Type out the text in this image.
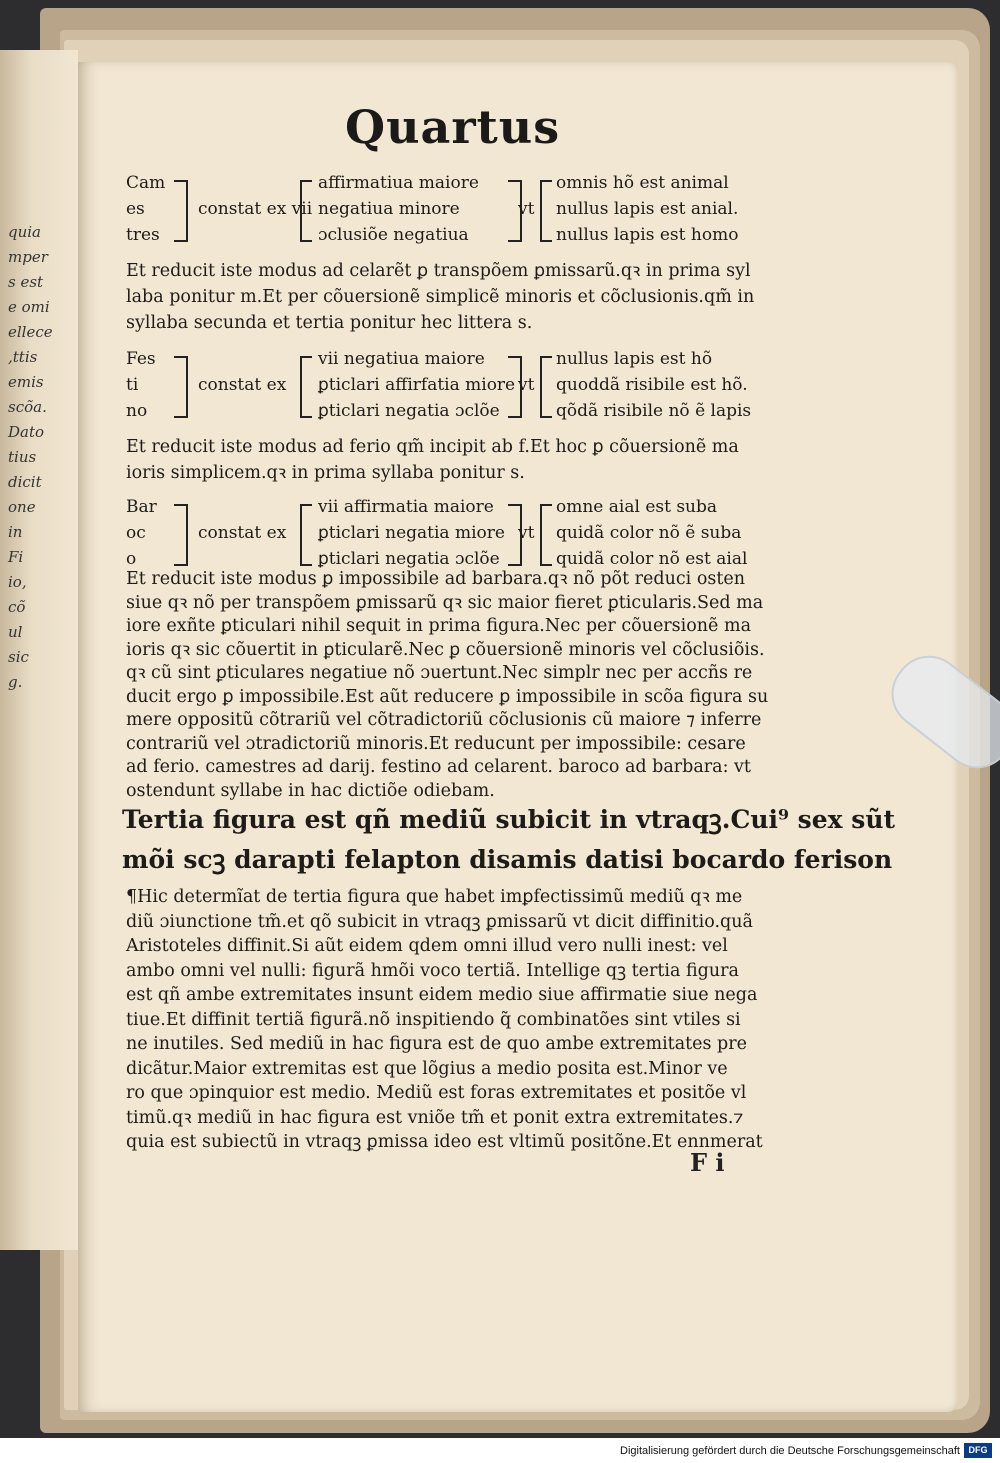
quia
mper
s est
e omi
ellece
,ttis
emis
scõa.
Dato
tius
dicit
one
in
Fi
io,
cõ
ul
sic
g.
Quartus
Cam
es
tres
constat ex vii
affirmatiua maiore
negatiua minore
ɔclusiõe negatiua
vt
omnis hõ est animal
nullus lapis est anial.
nullus lapis est homo
Et reducit iste modus ad celarẽt ꝑ transpõem ꝑmissarũ.qꝛ in prima syl
laba ponitur m.Et per cõuersionẽ simplicẽ minoris et cõclusionis.qm̃ in
syllaba secunda et tertia ponitur hec littera s.
Fes
ti
no
constat ex
vii negatiua maiore
ꝑticlari affirfatia miore
ꝑticlari negatia ɔclõe
vt
nullus lapis est hõ
quoddã risibile est hõ.
qõdã risibile nõ ẽ lapis
Et reducit iste modus ad ferio qm̃ incipit ab f.Et hoc ꝑ cõuersionẽ ma
ioris simplicem.qꝛ in prima syllaba ponitur s.
Bar
oc
o
constat ex
vii affirmatia maiore
ꝑticlari negatia miore
ꝑticlari negatia ɔclõe
vt
omne aial est suba
quidã color nõ ẽ suba
quidã color nõ est aial
Et reducit iste modus ꝑ impossibile ad barbara.qꝛ nõ põt reduci osten
siue qꝛ nõ per transpõem ꝑmissarũ qꝛ sic maior fieret ꝑticularis.Sed ma
iore exñte ꝑticulari nihil sequit in prima figura.Nec per cõuersionẽ ma
ioris qꝛ sic cõuertit in ꝑticularẽ.Nec ꝑ cõuersionẽ minoris vel cõclusiõis.
qꝛ cũ sint ꝑticulares negatiue nõ ɔuertunt.Nec simplr nec per accñs re
ducit ergo ꝑ impossibile.Est aũt reducere ꝑ impossibile in scõa figura su
mere oppositũ cõtrariũ vel cõtradictoriũ cõclusionis cũ maiore ⁊ inferre
contrariũ vel ɔtradictoriũ minoris.Et reducunt per impossibile: cesare
ad ferio. camestres ad darij. festino ad celarent. baroco ad barbara: vt
ostendunt syllabe in hac dictiõe odiebam.
Tertia figura est qñ mediũ subicit in vtraqꝫ.Cui⁹ sex sũt
mõi scꝫ darapti felapton disamis datisi bocardo ferison
¶Hic determĩat de tertia figura que habet imꝑfectissimũ mediũ qꝛ me
diũ ɔiunctione tm̃.et qõ subicit in vtraqꝫ ꝑmissarũ vt dicit diffinitio.quã
Aristoteles diffinit.Si aũt eidem qdem omni illud vero nulli inest: vel
ambo omni vel nulli: figurã hmõi voco tertiã. Intellige qꝫ tertia figura
est qñ ambe extremitates insunt eidem medio siue affirmatie siue nega
tiue.Et diffinit tertiã figurã.nõ inspitiendo q̃ combinatões sint vtiles si
ne inutiles. Sed mediũ in hac figura est de quo ambe extremitates pre
dicãtur.Maior extremitas est que lõgius a medio posita est.Minor ve
ro que ɔpinquior est medio. Mediũ est foras extremitates et positõe vl
timũ.qꝛ mediũ in hac figura est vniõe tm̃ et ponit extra extremitates.⁊
quia est subiectũ in vtraqꝫ ꝑmissa ideo est vltimũ positõne.Et ennmerat
F i
Digitalisierung gefördert durch die Deutsche Forschungsgemeinschaft DFG
